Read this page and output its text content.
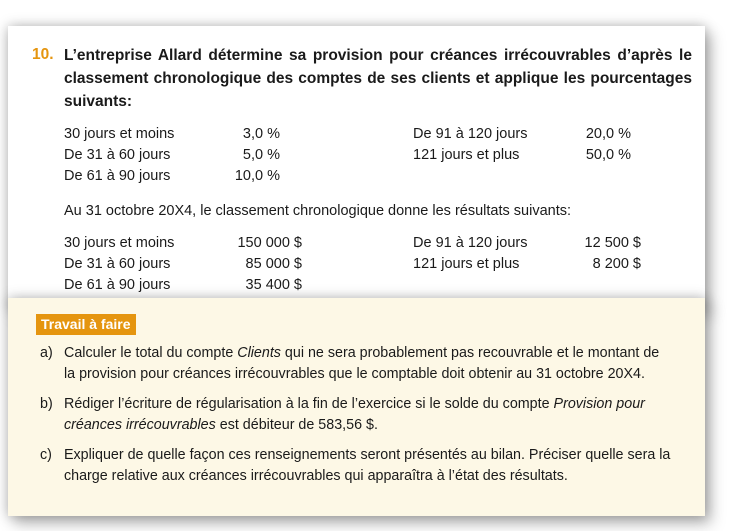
10. L’entreprise Allard détermine sa provision pour créances irrécouvrables d’après le classement chronologique des comptes de ses clients et applique les pourcentages suivants:
30 jours et moins	3,0 %
De 31 à 60 jours	5,0 %
De 61 à 90 jours	10,0 %
De 91 à 120 jours	20,0 %
121 jours et plus	50,0 %
Au 31 octobre 20X4, le classement chronologique donne les résultats suivants:
30 jours et moins	150 000 $
De 31 à 60 jours	85 000 $
De 61 à 90 jours	35 400 $
De 91 à 120 jours	12 500 $
121 jours et plus	8 200 $
Travail à faire
a) Calculer le total du compte Clients qui ne sera probablement pas recouvrable et le montant de la provision pour créances irrécouvrables que le comptable doit obtenir au 31 octobre 20X4.

b) Rédiger l’écriture de régularisation à la fin de l’exercice si le solde du compte Provision pour créances irrécouvrables est débiteur de 583,56 $.

c) Expliquer de quelle façon ces renseignements seront présentés au bilan. Préciser quelle sera la charge relative aux créances irrécouvrables qui apparaîtra à l’état des résultats.
